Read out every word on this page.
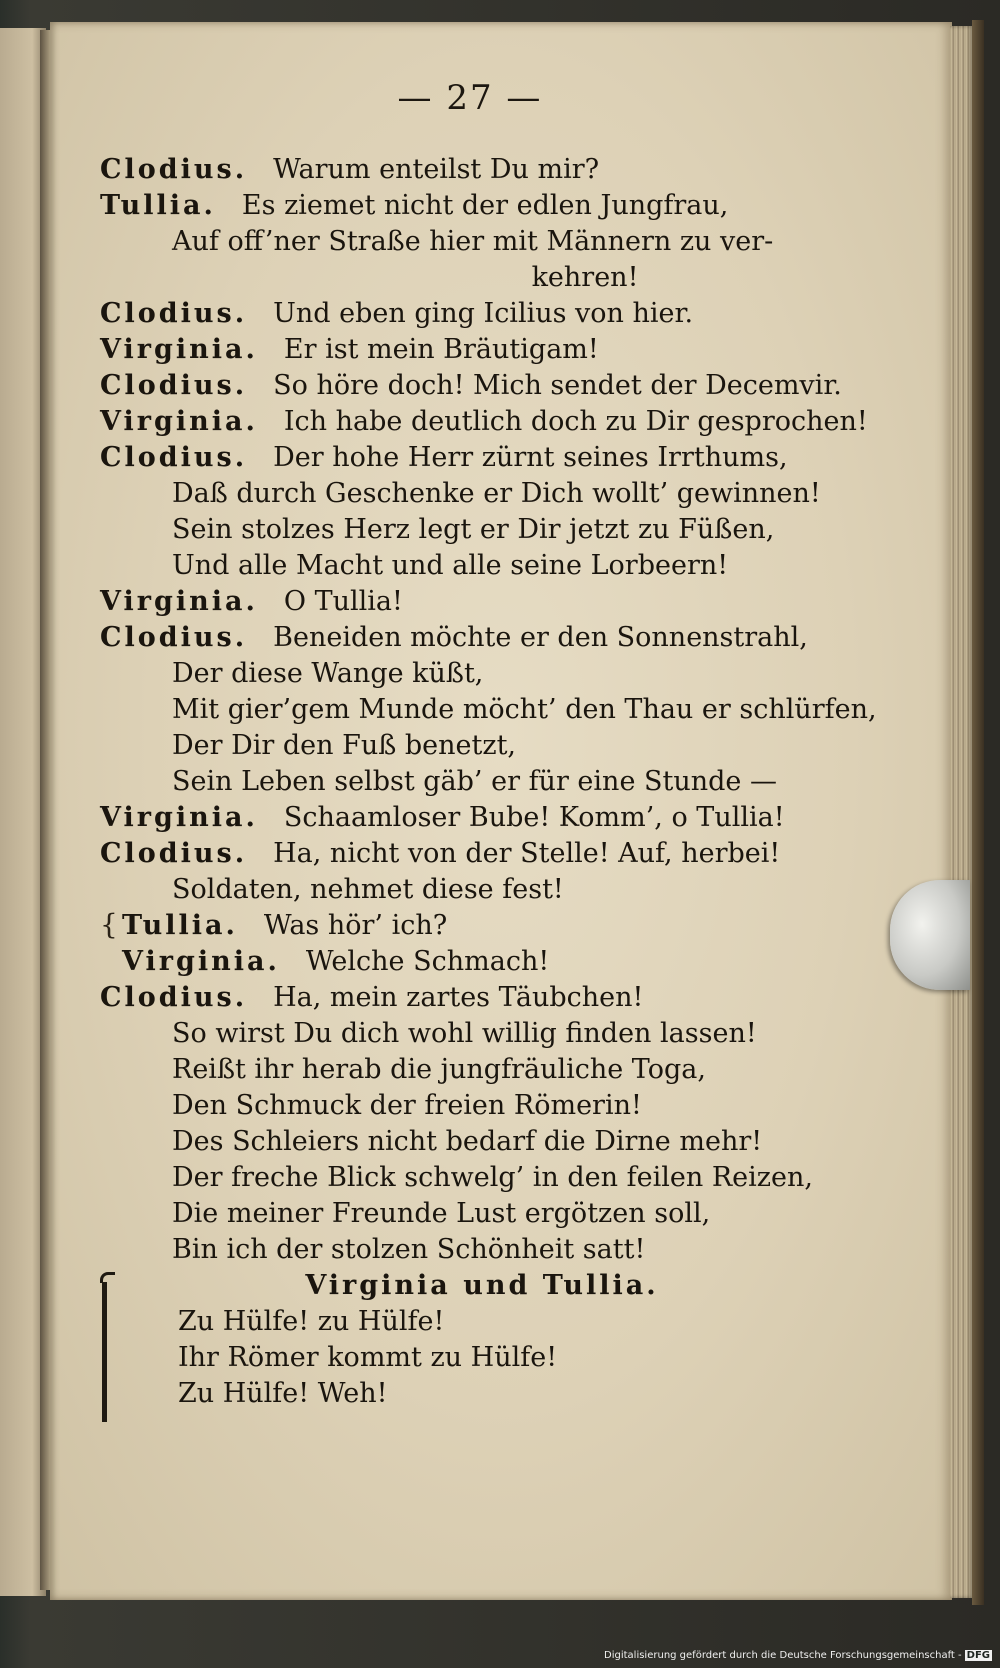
— 27 —
Clodius. Warum enteilst Du mir?
Tullia. Es ziemet nicht der edlen Jungfrau,
Auf off’ner Straße hier mit Männern zu ver-
kehren!
Clodius. Und eben ging Icilius von hier.
Virginia. Er ist mein Bräutigam!
Clodius. So höre doch! Mich sendet der Decemvir.
Virginia. Ich habe deutlich doch zu Dir gesprochen!
Clodius. Der hohe Herr zürnt seines Irrthums,
Daß durch Geschenke er Dich wollt’ gewinnen!
Sein stolzes Herz legt er Dir jetzt zu Füßen,
Und alle Macht und alle seine Lorbeern!
Virginia. O Tullia!
Clodius. Beneiden möchte er den Sonnenstrahl,
Der diese Wange küßt,
Mit gier’gem Munde möcht’ den Thau er schlürfen,
Der Dir den Fuß benetzt,
Sein Leben selbst gäb’ er für eine Stunde —
Virginia. Schaamloser Bube! Komm’, o Tullia!
Clodius. Ha, nicht von der Stelle! Auf, herbei!
Soldaten, nehmet diese fest!
{ Tullia. Was hör’ ich?
Virginia. Welche Schmach!
Clodius. Ha, mein zartes Täubchen!
So wirst Du dich wohl willig finden lassen!
Reißt ihr herab die jungfräuliche Toga,
Den Schmuck der freien Römerin!
Des Schleiers nicht bedarf die Dirne mehr!
Der freche Blick schwelg’ in den feilen Reizen,
Die meiner Freunde Lust ergötzen soll,
Bin ich der stolzen Schönheit satt!
Virginia und Tullia.
Zu Hülfe! zu Hülfe!
Ihr Römer kommt zu Hülfe!
Zu Hülfe! Weh!
Digitalisierung gefördert durch die Deutsche Forschungsgemeinschaft - DFG
